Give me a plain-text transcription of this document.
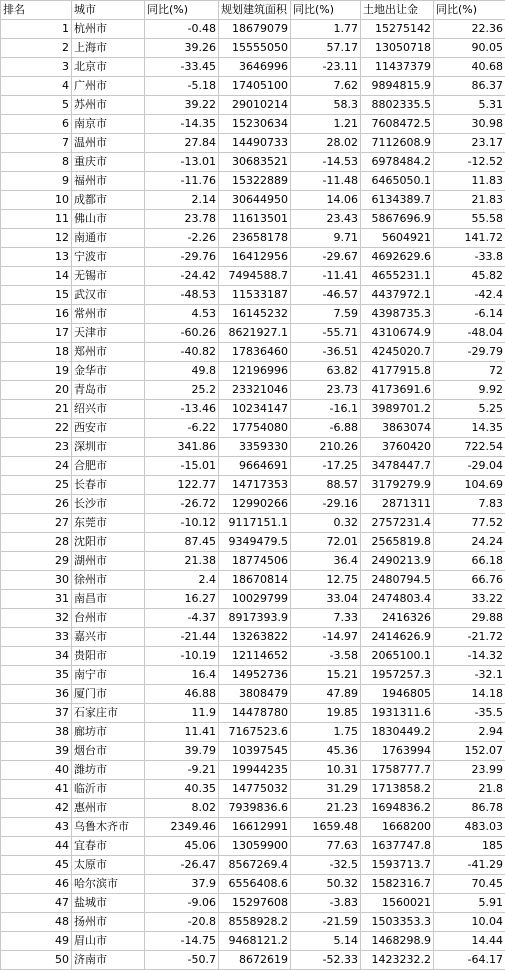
排名	城市	同比(%)	规划建筑面积	同比(%)	土地出让金	同比(%)
1	杭州市	-0.48	18679079	1.77	15275142	22.36
2	上海市	39.26	15555050	57.17	13050718	90.05
3	北京市	-33.45	3646996	-23.11	11437379	40.68
4	广州市	-5.18	17405100	7.62	9894815.9	86.37
5	苏州市	39.22	29010214	58.3	8802335.5	5.31
6	南京市	-14.35	15230634	1.21	7608472.5	30.98
7	温州市	27.84	14490733	28.02	7112608.9	23.17
8	重庆市	-13.01	30683521	-14.53	6978484.2	-12.52
9	福州市	-11.76	15322889	-11.48	6465050.1	11.83
10	成都市	2.14	30644950	14.06	6134389.7	21.83
11	佛山市	23.78	11613501	23.43	5867696.9	55.58
12	南通市	-2.26	23658178	9.71	5604921	141.72
13	宁波市	-29.76	16412956	-29.67	4692629.6	-33.8
14	无锡市	-24.42	7494588.7	-11.41	4655231.1	45.82
15	武汉市	-48.53	11533187	-46.57	4437972.1	-42.4
16	常州市	4.53	16145232	7.59	4398735.3	-6.14
17	天津市	-60.26	8621927.1	-55.71	4310674.9	-48.04
18	郑州市	-40.82	17836460	-36.51	4245020.7	-29.79
19	金华市	49.8	12196996	63.82	4177915.8	72
20	青岛市	25.2	23321046	23.73	4173691.6	9.92
21	绍兴市	-13.46	10234147	-16.1	3989701.2	5.25
22	西安市	-6.22	17754080	-6.88	3863074	14.35
23	深圳市	341.86	3359330	210.26	3760420	722.54
24	合肥市	-15.01	9664691	-17.25	3478447.7	-29.04
25	长春市	122.77	14717353	88.57	3179279.9	104.69
26	长沙市	-26.72	12990266	-29.16	2871311	7.83
27	东莞市	-10.12	9117151.1	0.32	2757231.4	77.52
28	沈阳市	87.45	9349479.5	72.01	2565819.8	24.24
29	湖州市	21.38	18774506	36.4	2490213.9	66.18
30	徐州市	2.4	18670814	12.75	2480794.5	66.76
31	南昌市	16.27	10029799	33.04	2474803.4	33.22
32	台州市	-4.37	8917393.9	7.33	2416326	29.88
33	嘉兴市	-21.44	13263822	-14.97	2414626.9	-21.72
34	贵阳市	-10.19	12114652	-3.58	2065100.1	-14.32
35	南宁市	16.4	14952736	15.21	1957257.3	-32.1
36	厦门市	46.88	3808479	47.89	1946805	14.18
37	石家庄市	11.9	14478780	19.85	1931311.6	-35.5
38	廊坊市	11.41	7167523.6	1.75	1830449.2	2.94
39	烟台市	39.79	10397545	45.36	1763994	152.07
40	潍坊市	-9.21	19944235	10.31	1758777.7	23.99
41	临沂市	40.35	14775032	31.29	1713858.2	21.8
42	惠州市	8.02	7939836.6	21.23	1694836.2	86.78
43	乌鲁木齐市	2349.46	16612991	1659.48	1668200	483.03
44	宜春市	45.06	13059900	77.63	1637747.8	185
45	太原市	-26.47	8567269.4	-32.5	1593713.7	-41.29
46	哈尔滨市	37.9	6556408.6	50.32	1582316.7	70.45
47	盐城市	-9.06	15297608	-3.83	1560021	5.91
48	扬州市	-20.8	8558928.2	-21.59	1503353.3	10.04
49	眉山市	-14.75	9468121.2	5.14	1468298.9	14.44
50	济南市	-50.7	8672619	-52.33	1423232.2	-64.17
